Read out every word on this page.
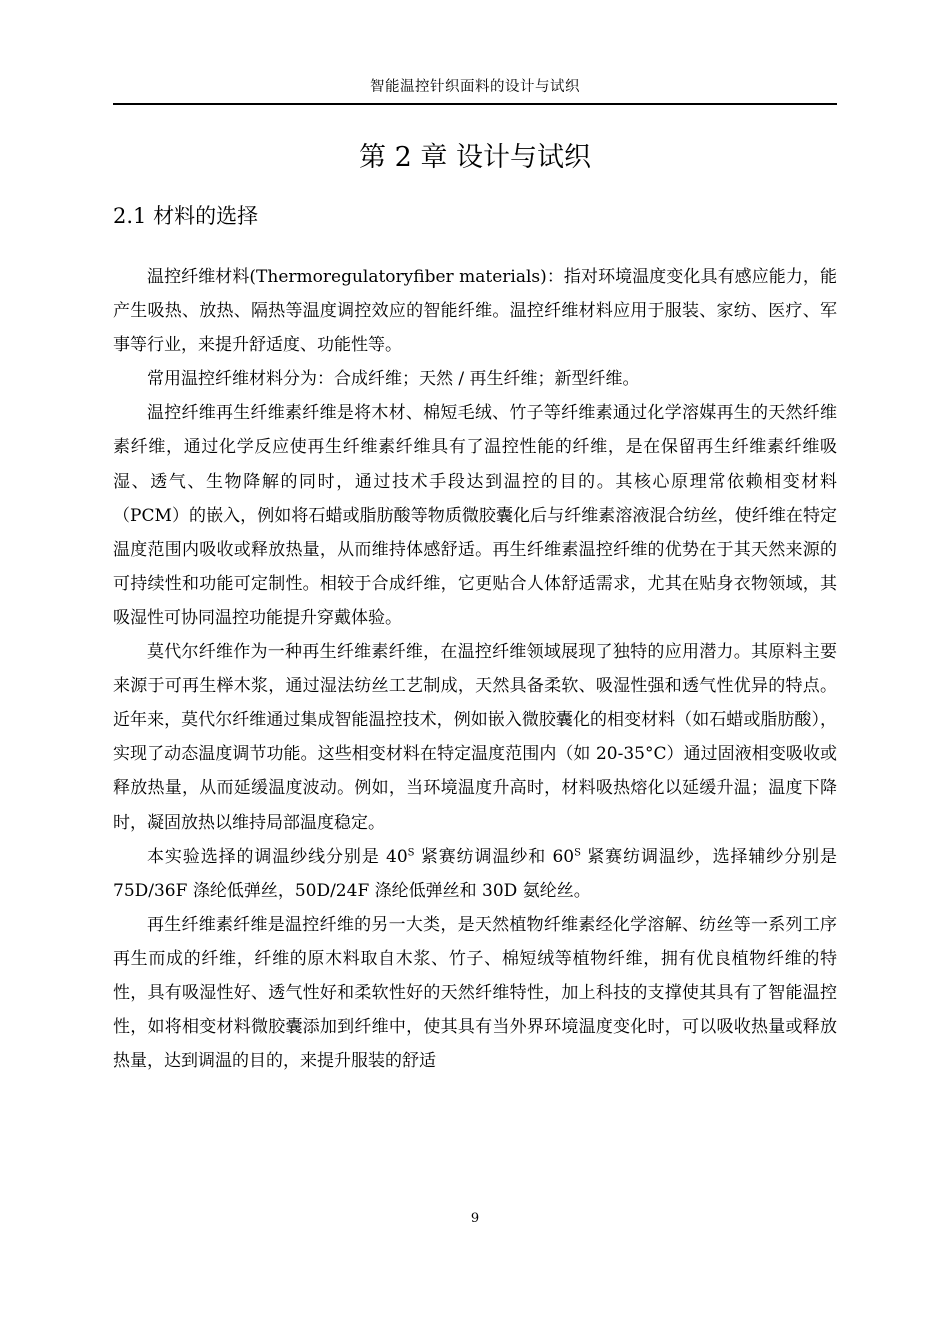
智能温控针织面料的设计与试织
第 2 章 设计与试织
2.1 材料的选择

温控纤维材料(Thermoregulatoryfiber materials)：指对环境温度变化具有感应能力，能产生吸热、放热、隔热等温度调控效应的智能纤维。温控纤维材料应用于服装、家纺、医疗、军事等行业，来提升舒适度、功能性等。

常用温控纤维材料分为：合成纤维；天然 / 再生纤维；新型纤维。

温控纤维再生纤维素纤维是将木材、棉短毛绒、竹子等纤维素通过化学溶媒再生的天然纤维素纤维，通过化学反应使再生纤维素纤维具有了温控性能的纤维，是在保留再生纤维素纤维吸湿、透气、生物降解的同时，通过技术手段达到温控的目的。其核心原理常依赖相变材料（PCM）的嵌入，例如将石蜡或脂肪酸等物质微胶囊化后与纤维素溶液混合纺丝，使纤维在特定温度范围内吸收或释放热量，从而维持体感舒适。再生纤维素温控纤维的优势在于其天然来源的可持续性和功能可定制性。相较于合成纤维，它更贴合人体舒适需求，尤其在贴身衣物领域，其吸湿性可协同温控功能提升穿戴体验。

莫代尔纤维作为一种再生纤维素纤维，在温控纤维领域展现了独特的应用潜力。其原料主要来源于可再生榉木浆，通过湿法纺丝工艺制成，天然具备柔软、吸湿性强和透气性优异的特点。近年来，莫代尔纤维通过集成智能温控技术，例如嵌入微胶囊化的相变材料（如石蜡或脂肪酸），实现了动态温度调节功能。这些相变材料在特定温度范围内（如 20-35°C）通过固液相变吸收或释放热量，从而延缓温度波动。例如，当环境温度升高时，材料吸热熔化以延缓升温；温度下降时，凝固放热以维持局部温度稳定。

本实验选择的调温纱线分别是 $40^S$ 紧赛纺调温纱和 $60^S$ 紧赛纺调温纱，选择辅纱分别是 75D/36F 涤纶低弹丝，50D/24F 涤纶低弹丝和 30D 氨纶丝。

再生纤维素纤维是温控纤维的另一大类，是天然植物纤维素经化学溶解、纺丝等一系列工序再生而成的纤维，纤维的原木料取自木浆、竹子、棉短绒等植物纤维，拥有优良植物纤维的特性，具有吸湿性好、透气性好和柔软性好的天然纤维特性，加上科技的支撑使其具有了智能温控性，如将相变材料微胶囊添加到纤维中，使其具有当外界环境温度变化时，可以吸收热量或释放热量，达到调温的目的，来提升服装的舒适

9
